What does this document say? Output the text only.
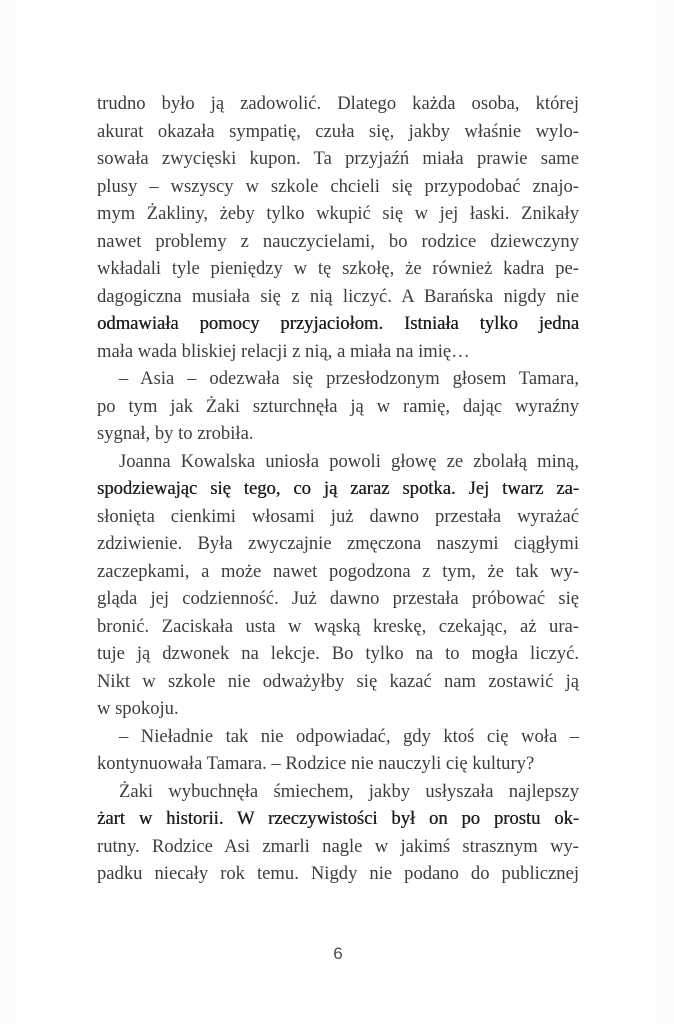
trudno było ją zadowolić. Dlatego każda osoba, której
akurat okazała sympatię, czuła się, jakby właśnie wylo-
sowała zwycięski kupon. Ta przyjaźń miała prawie same
plusy – wszyscy w szkole chcieli się przypodobać znajo-
mym Żakliny, żeby tylko wkupić się w jej łaski. Znikały
nawet problemy z nauczycielami, bo rodzice dziewczyny
wkładali tyle pieniędzy w tę szkołę, że również kadra pe-
dagogiczna musiała się z nią liczyć. A Barańska nigdy nie
odmawiała pomocy przyjaciołom. Istniała tylko jedna
mała wada bliskiej relacji z nią, a miała na imię…
– Asia – odezwała się przesłodzonym głosem Tamara,
po tym jak Żaki szturchnęła ją w ramię, dając wyraźny
sygnał, by to zrobiła.
Joanna Kowalska uniosła powoli głowę ze zbolałą miną,
spodziewając się tego, co ją zaraz spotka. Jej twarz za-
słonięta cienkimi włosami już dawno przestała wyrażać
zdziwienie. Była zwyczajnie zmęczona naszymi ciągłymi
zaczepkami, a może nawet pogodzona z tym, że tak wy-
gląda jej codzienność. Już dawno przestała próbować się
bronić. Zaciskała usta w wąską kreskę, czekając, aż ura-
tuje ją dzwonek na lekcje. Bo tylko na to mogła liczyć.
Nikt w szkole nie odważyłby się kazać nam zostawić ją
w spokoju.
– Nieładnie tak nie odpowiadać, gdy ktoś cię woła –
kontynuowała Tamara. – Rodzice nie nauczyli cię kultury?
Żaki wybuchnęła śmiechem, jakby usłyszała najlepszy
żart w historii. W rzeczywistości był on po prostu ok-
rutny. Rodzice Asi zmarli nagle w jakimś strasznym wy-
padku niecały rok temu. Nigdy nie podano do publicznej
6
